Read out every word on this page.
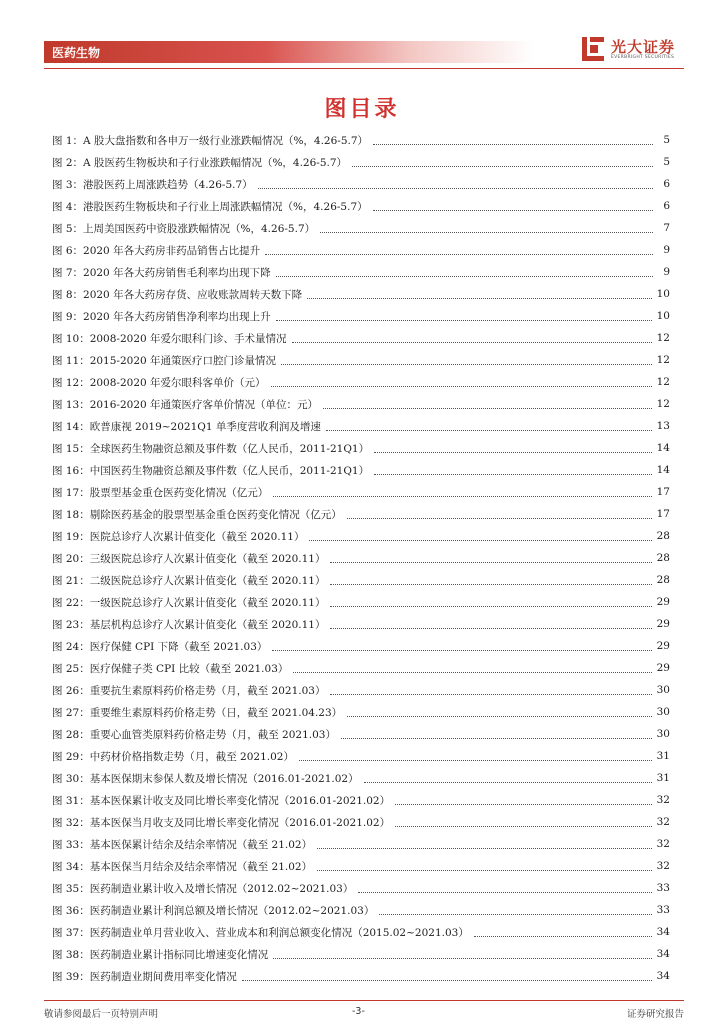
医药生物	光大证券
EVERBRIGHT SECURITIES
图目录
图 1：A 股大盘指数和各申万一级行业涨跌幅情况（%，4.26-5.7）	5
图 2：A 股医药生物板块和子行业涨跌幅情况（%，4.26-5.7）	5
图 3：港股医药上周涨跌趋势（4.26-5.7）	6
图 4：港股医药生物板块和子行业上周涨跌幅情况（%，4.26-5.7）	6
图 5：上周美国医药中资股涨跌幅情况（%，4.26-5.7）	7
图 6：2020 年各大药房非药品销售占比提升	9
图 7：2020 年各大药房销售毛利率均出现下降	9
图 8：2020 年各大药房存货、应收账款周转天数下降	10
图 9：2020 年各大药房销售净利率均出现上升	10
图 10：2008-2020 年爱尔眼科门诊、手术量情况	12
图 11：2015-2020 年通策医疗口腔门诊量情况	12
图 12：2008-2020 年爱尔眼科客单价（元）	12
图 13：2016-2020 年通策医疗客单价情况（单位：元）	12
图 14：欧普康视 2019~2021Q1 单季度营收利润及增速	13
图 15：全球医药生物融资总额及事件数（亿人民币，2011-21Q1）	14
图 16：中国医药生物融资总额及事件数（亿人民币，2011-21Q1）	14
图 17：股票型基金重仓医药变化情况（亿元）	17
图 18：剔除医药基金的股票型基金重仓医药变化情况（亿元）	17
图 19：医院总诊疗人次累计值变化（截至 2020.11）	28
图 20：三级医院总诊疗人次累计值变化（截至 2020.11）	28
图 21：二级医院总诊疗人次累计值变化（截至 2020.11）	28
图 22：一级医院总诊疗人次累计值变化（截至 2020.11）	29
图 23：基层机构总诊疗人次累计值变化（截至 2020.11）	29
图 24：医疗保健 CPI 下降（截至 2021.03）	29
图 25：医疗保健子类 CPI 比较（截至 2021.03）	29
图 26：重要抗生素原料药价格走势（月，截至 2021.03）	30
图 27：重要维生素原料药价格走势（日，截至 2021.04.23）	30
图 28：重要心血管类原料药价格走势（月，截至 2021.03）	30
图 29：中药材价格指数走势（月，截至 2021.02）	31
图 30：基本医保期末参保人数及增长情况（2016.01-2021.02）	31
图 31：基本医保累计收支及同比增长率变化情况（2016.01-2021.02）	32
图 32：基本医保当月收支及同比增长率变化情况（2016.01-2021.02）	32
图 33：基本医保累计结余及结余率情况（截至 21.02）	32
图 34：基本医保当月结余及结余率情况（截至 21.02）	32
图 35：医药制造业累计收入及增长情况（2012.02~2021.03）	33
图 36：医药制造业累计利润总额及增长情况（2012.02~2021.03）	33
图 37：医药制造业单月营业收入、营业成本和利润总额变化情况（2015.02~2021.03）	34
图 38：医药制造业累计指标同比增速变化情况	34
图 39：医药制造业期间费用率变化情况	34
敬请参阅最后一页特别声明	-3-	证券研究报告
